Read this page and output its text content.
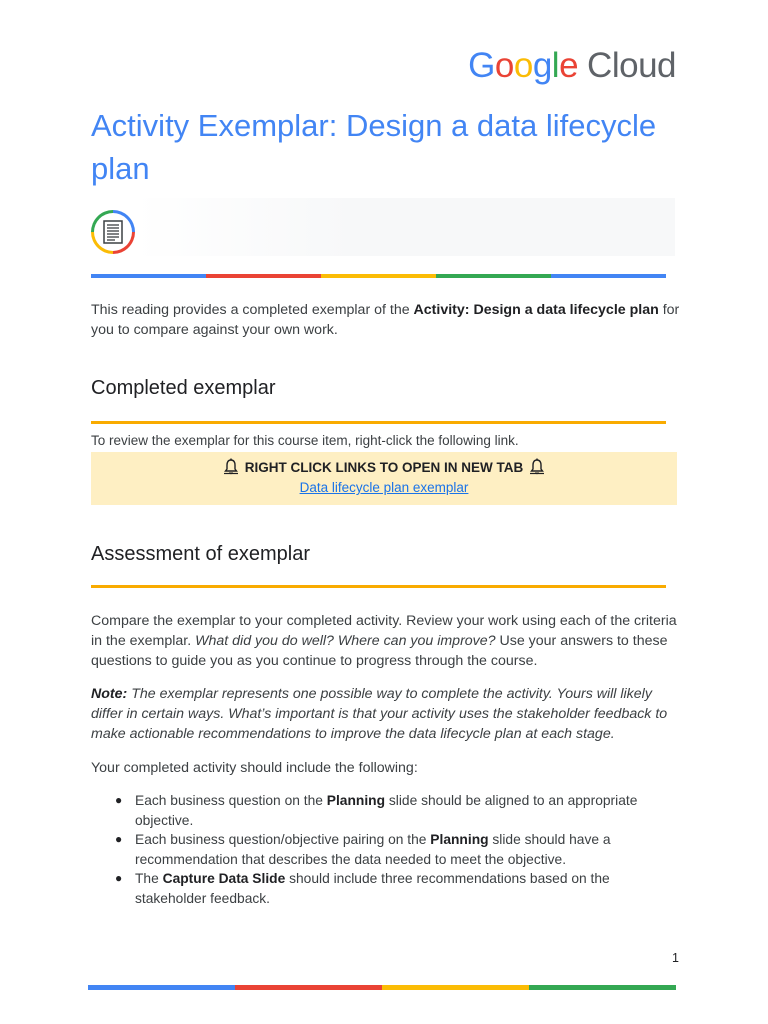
Google Cloud
Activity Exemplar: Design a data lifecycle plan

This reading provides a completed exemplar of the Activity: Design a data lifecycle plan for you to compare against your own work.

Completed exemplar

To review the exemplar for this course item, right-click the following link.

RIGHT CLICK LINKS TO OPEN IN NEW TAB
Data lifecycle plan exemplar
Assessment of exemplar

Compare the exemplar to your completed activity. Review your work using each of the criteria in the exemplar. What did you do well? Where can you improve? Use your answers to these questions to guide you as you continue to progress through the course.

Note: The exemplar represents one possible way to complete the activity. Yours will likely differ in certain ways. What’s important is that your activity uses the stakeholder feedback to make actionable recommendations to improve the data lifecycle plan at each stage.

Your completed activity should include the following:

● Each business question on the Planning slide should be aligned to an appropriate objective.
● Each business question/objective pairing on the Planning slide should have a recommendation that describes the data needed to meet the objective.
● The Capture Data Slide should include three recommendations based on the stakeholder feedback.
1
